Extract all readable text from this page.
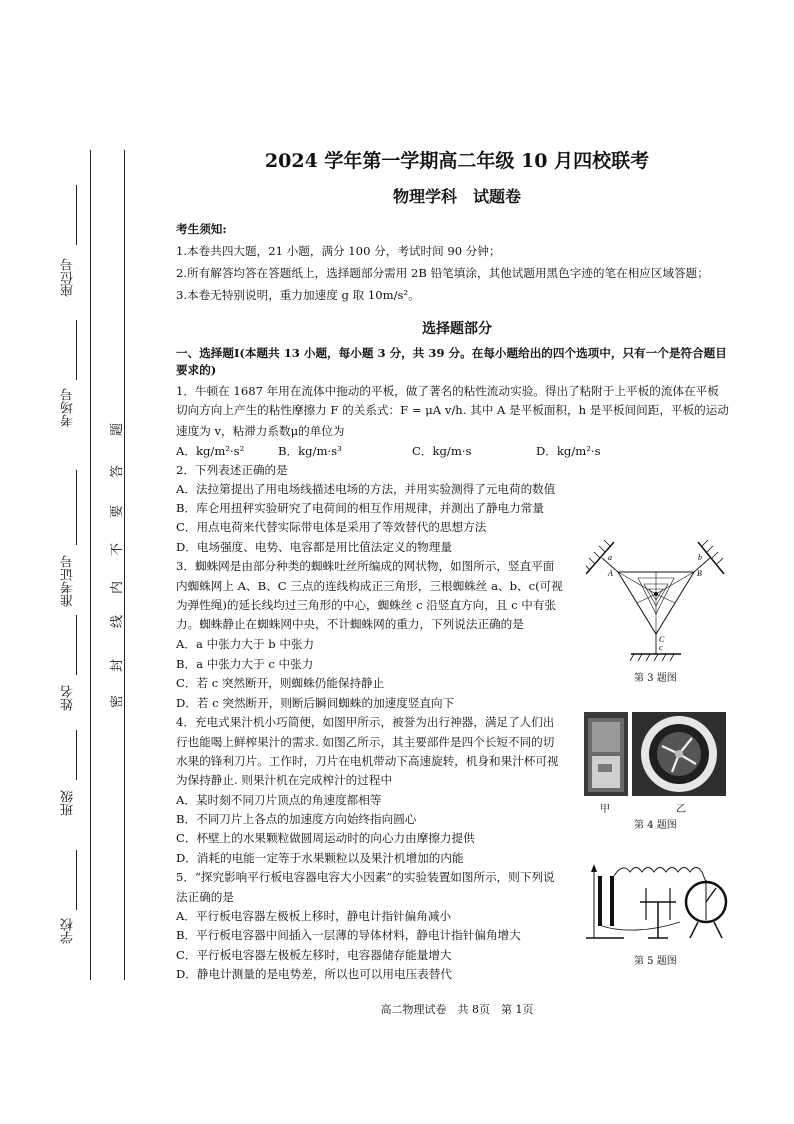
座位号
考场号
准考证号
姓名
班级
学校
密
封
线
内
不
要
答
题
2024 学年第一学期高二年级 10 月四校联考
物理学科　试题卷
考生须知:
1.本卷共四大题，21 小题，满分 100 分，考试时间 90 分钟；
2.所有解答均答在答题纸上，选择题部分需用 2B 铅笔填涂，其他试题用黑色字迹的笔在相应区域答题；
3.本卷无特别说明，重力加速度 g 取 10m/s²。
选择题部分
一、选择题Ⅰ(本题共 13 小题，每小题 3 分，共 39 分。在每小题给出的四个选项中，只有一个是符合题目
要求的)
1．牛顿在 1687 年用在流体中拖动的平板，做了著名的粘性流动实验。得出了粘附于上平板的流体在平板
切向方向上产生的粘性摩擦力 F 的关系式：F = μA v/h. 其中 A 是平板面积，h 是平板间间距，平板的运动
速度为 v，粘滞力系数μ的单位为
A．kg/m²·s²	B．kg/m·s³	C．kg/m·s	D．kg/m²·s
2．下列表述正确的是
A．法拉第提出了用电场线描述电场的方法，并用实验测得了元电荷的数值
B．库仑用扭秤实验研究了电荷间的相互作用规律，并测出了静电力常量
C．用点电荷来代替实际带电体是采用了等效替代的思想方法
D．电场强度、电势、电容都是用比值法定义的物理量
3．蜘蛛网是由部分种类的蜘蛛吐丝所编成的网状物，如图所示，竖直平面
内蜘蛛网上 A、B、C 三点的连线构成正三角形，三根蜘蛛丝 a、b、c(可视
为弹性绳)的延长线均过三角形的中心，蜘蛛丝 c 沿竖直方向，且 c 中有张
力。蜘蛛静止在蜘蛛网中央，不计蜘蛛网的重力，下列说法正确的是
A．a 中张力大于 b 中张力
B．a 中张力大于 c 中张力
C．若 c 突然断开，则蜘蛛仍能保持静止
D．若 c 突然断开，则断后瞬间蜘蛛的加速度竖直向下
A	B
C
a	b
c
第 3 题图
4．充电式果汁机小巧简便，如图甲所示，被誉为出行神器，满足了人们出
行也能喝上鲜榨果汁的需求. 如图乙所示，其主要部件是四个长短不同的切
水果的锋利刀片。工作时，刀片在电机带动下高速旋转，机身和果汁杯可视
为保持静止. 则果汁机在完成榨汁的过程中
A．某时刻不同刀片顶点的角速度都相等
B．不同刀片上各点的加速度方向始终指向圆心
C．杯壁上的水果颗粒做圆周运动时的向心力由摩擦力提供
D．消耗的电能一定等于水果颗粒以及果汁机增加的内能
甲	乙
第 4 题图
5．“探究影响平行板电容器电容大小因素”的实验装置如图所示，则下列说
法正确的是
A．平行板电容器左极板上移时，静电计指针偏角减小
B．平行板电容器中间插入一层薄的导体材料，静电计指针偏角增大
C．平行板电容器左极板左移时，电容器储存能量增大
D．静电计测量的是电势差，所以也可以用电压表替代
第 5 题图
高二物理试卷　共 8页　第 1页
